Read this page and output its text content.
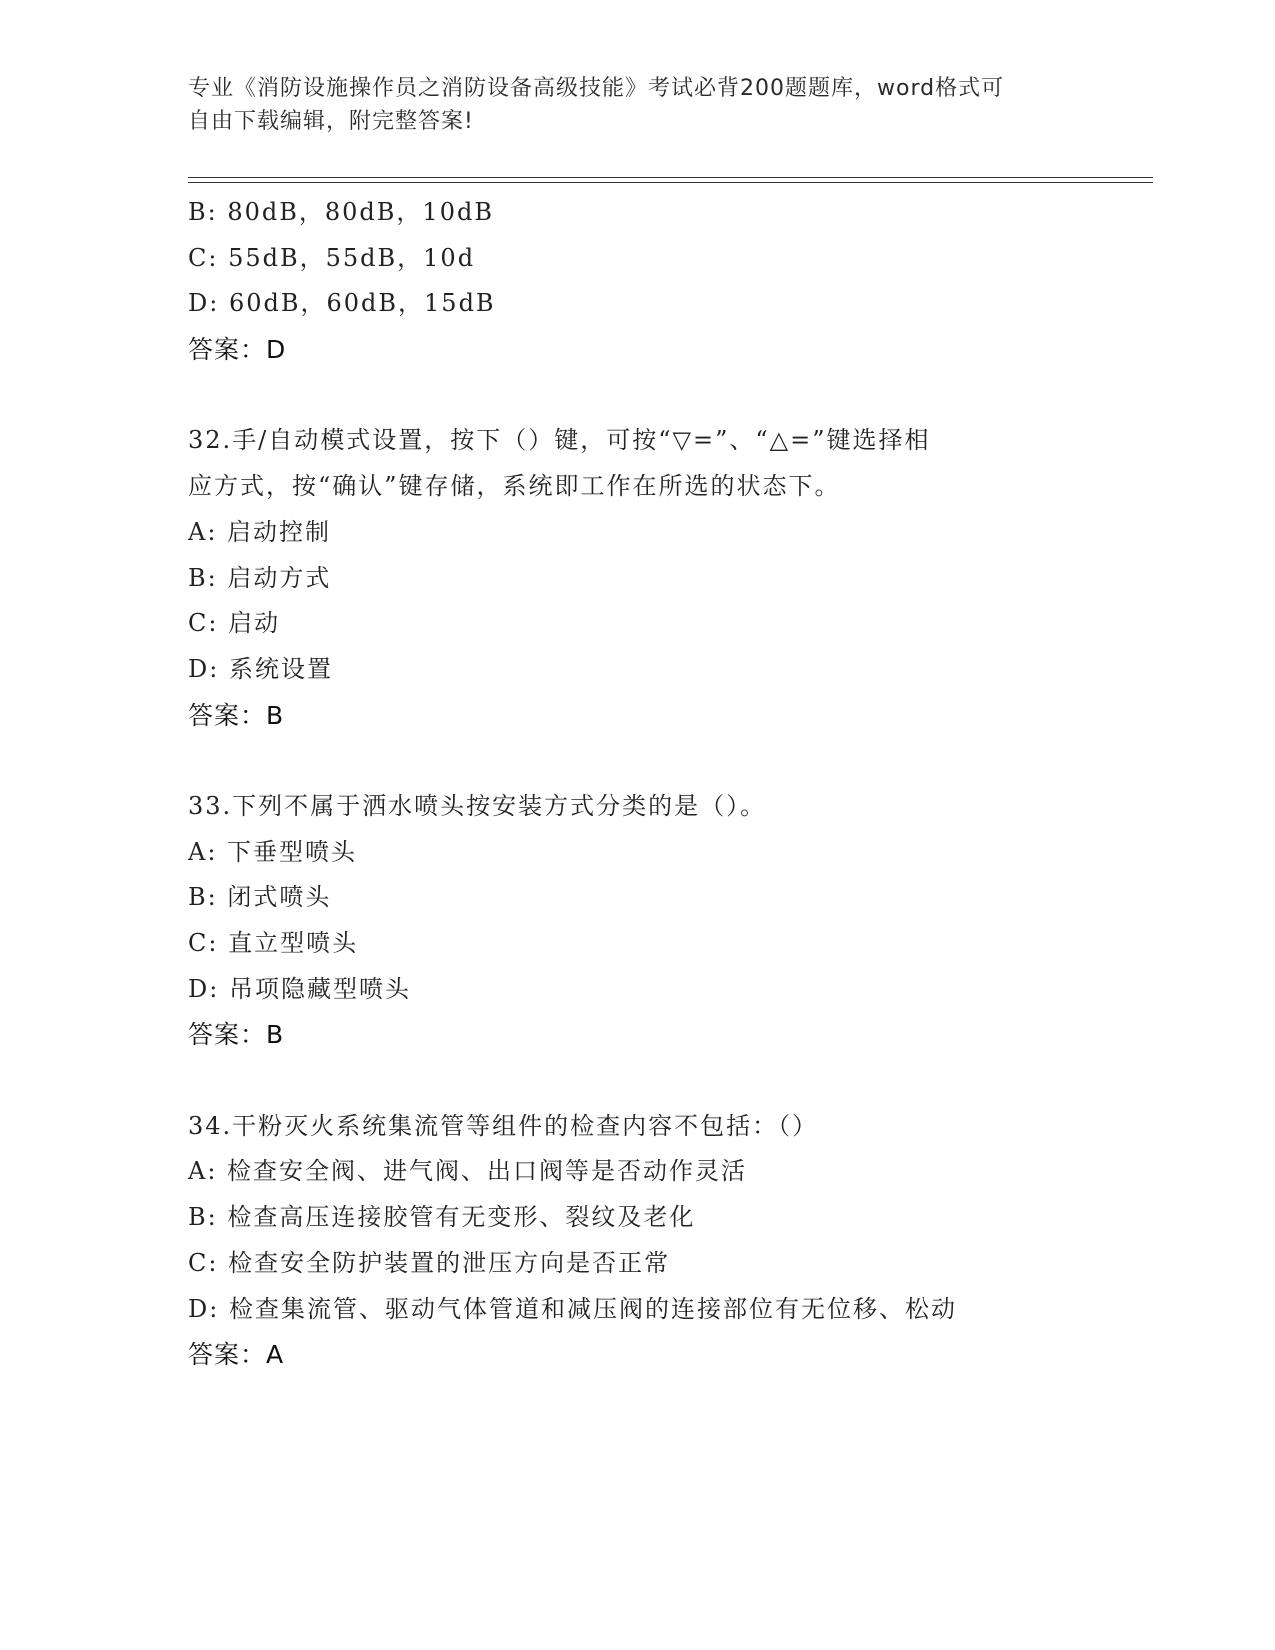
专业《消防设施操作员之消防设备高级技能》考试必背200题题库，word格式可
自由下载编辑，附完整答案!
B: 80dB，80dB，10dB
C: 55dB，55dB，10d
D: 60dB，60dB，15dB
答案：D
32.手/自动模式设置，按下（）键，可按“▽=”、“△=”键选择相
应方式，按“确认”键存储，系统即工作在所选的状态下。
A: 启动控制
B: 启动方式
C: 启动
D: 系统设置
答案：B
33.下列不属于洒水喷头按安装方式分类的是（）。
A: 下垂型喷头
B: 闭式喷头
C: 直立型喷头
D: 吊项隐藏型喷头
答案：B
34.干粉灭火系统集流管等组件的检查内容不包括：（）
A: 检查安全阀、进气阀、出口阀等是否动作灵活
B: 检查高压连接胶管有无变形、裂纹及老化
C: 检查安全防护装置的泄压方向是否正常
D: 检查集流管、驱动气体管道和减压阀的连接部位有无位移、松动
答案：A
